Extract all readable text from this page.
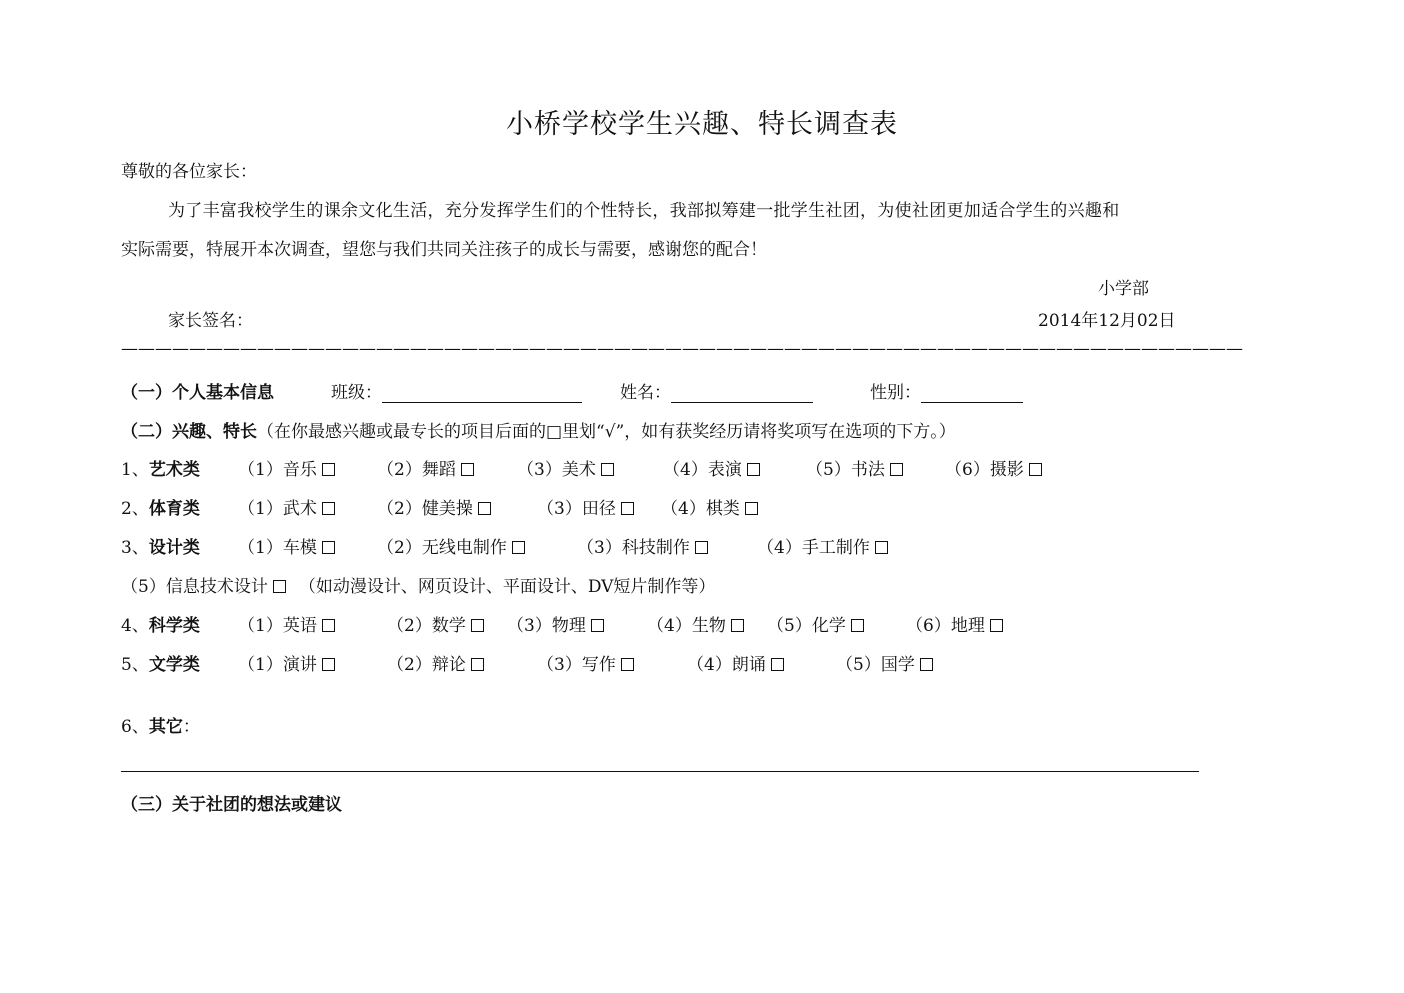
小桥学校学生兴趣、特长调查表
尊敬的各位家长：
为了丰富我校学生的课余文化生活，充分发挥学生们的个性特长，我部拟筹建一批学生社团，为使社团更加适合学生的兴趣和
实际需要，特展开本次调查，望您与我们共同关注孩子的成长与需要，感谢您的配合！
小学部
家长签名：	2014年12月02日
——————————————————————————————————————————————————————————————————
（一）个人基本信息	班级：	姓名：	性别：
（二）兴趣、特长（在你最感兴趣或最专长的项目后面的□里划“√”，如有获奖经历请将奖项写在选项的下方。）
1、艺术类 （1）音乐	（2）舞蹈	（3）美术	（4）表演	（5）书法	（6）摄影
2、体育类 （1）武术	（2）健美操	（3）田径	（4）棋类
3、设计类 （1）车模	（2）无线电制作	（3）科技制作	（4）手工制作
（5）信息技术设计 （如动漫设计、网页设计、平面设计、DV短片制作等）
4、科学类 （1）英语	（2）数学	（3）物理	（4）生物	（5）化学	（6）地理
5、文学类 （1）演讲	（2）辩论	（3）写作	（4）朗诵	（5）国学
6、其它：
（三）关于社团的想法或建议
